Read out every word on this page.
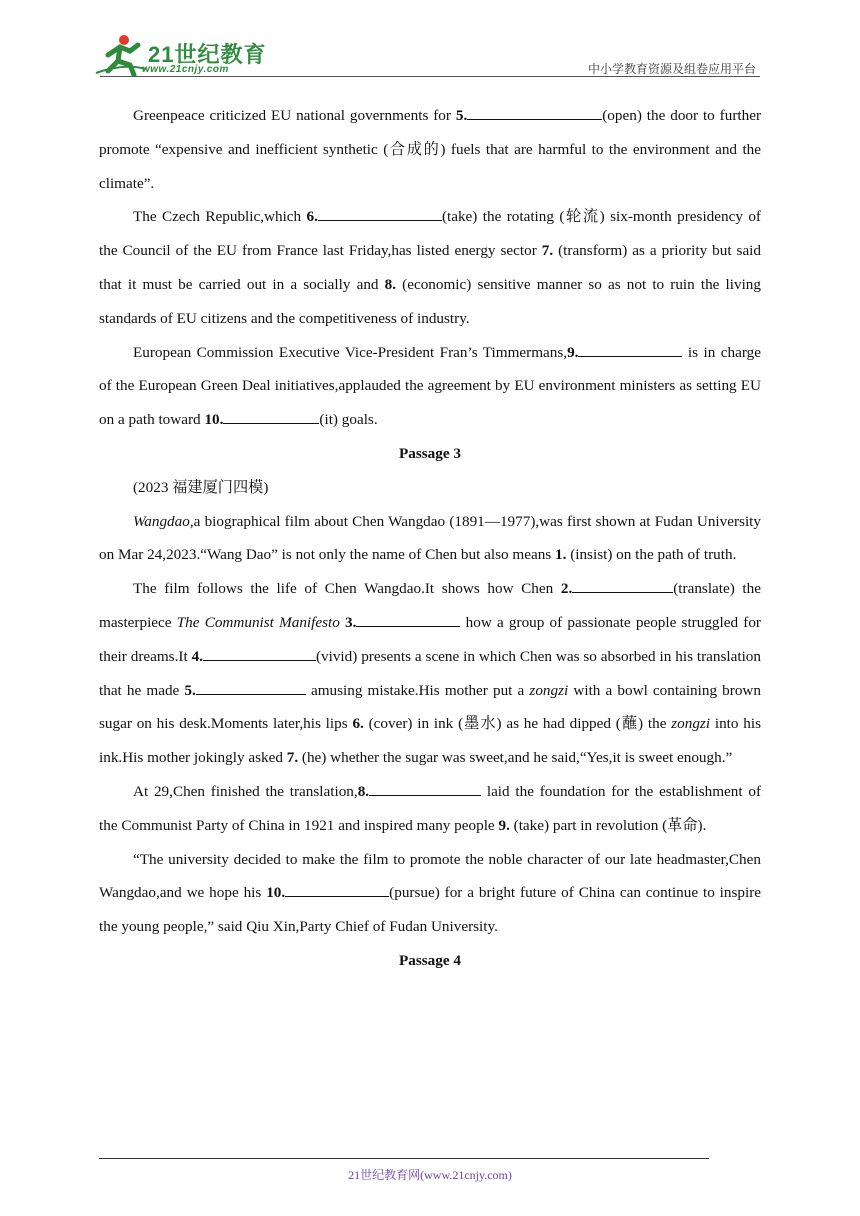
21世纪教育
www.21cnjy.com	中小学教育资源及组卷应用平台

Greenpeace criticized EU national governments for 5.	(open) the door to further promote “expensive and inefficient synthetic (合成的) fuels that are harmful to the environment and the climate”.

The Czech Republic,which 6.	(take) the rotating (轮流) six-month presidency of the Council of the EU from France last Friday,has listed energy sector 7. (transform) as a priority but said that it must be carried out in a socially and 8. (economic) sensitive manner so as not to ruin the living standards of EU citizens and the competitiveness of industry.

European Commission Executive Vice-President Fran’s Timmermans,9.	is in charge of the European Green Deal initiatives,applauded the agreement by EU environment ministers as setting EU on a path toward 10.	(it) goals.

Passage 3

(2023 福建厦门四模)

Wangdao,a biographical film about Chen Wangdao (1891—1977),was first shown at Fudan University on Mar 24,2023.“Wang Dao” is not only the name of Chen but also means 1. (insist) on the path of truth.

The film follows the life of Chen Wangdao.It shows how Chen 2.	(translate) the masterpiece The Communist Manifesto 3.	how a group of passionate people struggled for their dreams.It 4.	(vivid) presents a scene in which Chen was so absorbed in his translation that he made 5.	amusing mistake.His mother put a zongzi with a bowl containing brown sugar on his desk.Moments later,his lips 6. (cover) in ink (墨水) as he had dipped (蘸) the zongzi into his ink.His mother jokingly asked 7. (he) whether the sugar was sweet,and he said,“Yes,it is sweet enough.”

At 29,Chen finished the translation,8.	laid the foundation for the establishment of the Communist Party of China in 1921 and inspired many people 9. (take) part in revolution (革命).

“The university decided to make the film to promote the noble character of our late headmaster,Chen Wangdao,and we hope his 10.	(pursue) for a bright future of China can continue to inspire the young people,” said Qiu Xin,Party Chief of Fudan University.

Passage 4

21世纪教育网(www.21cnjy.com)
